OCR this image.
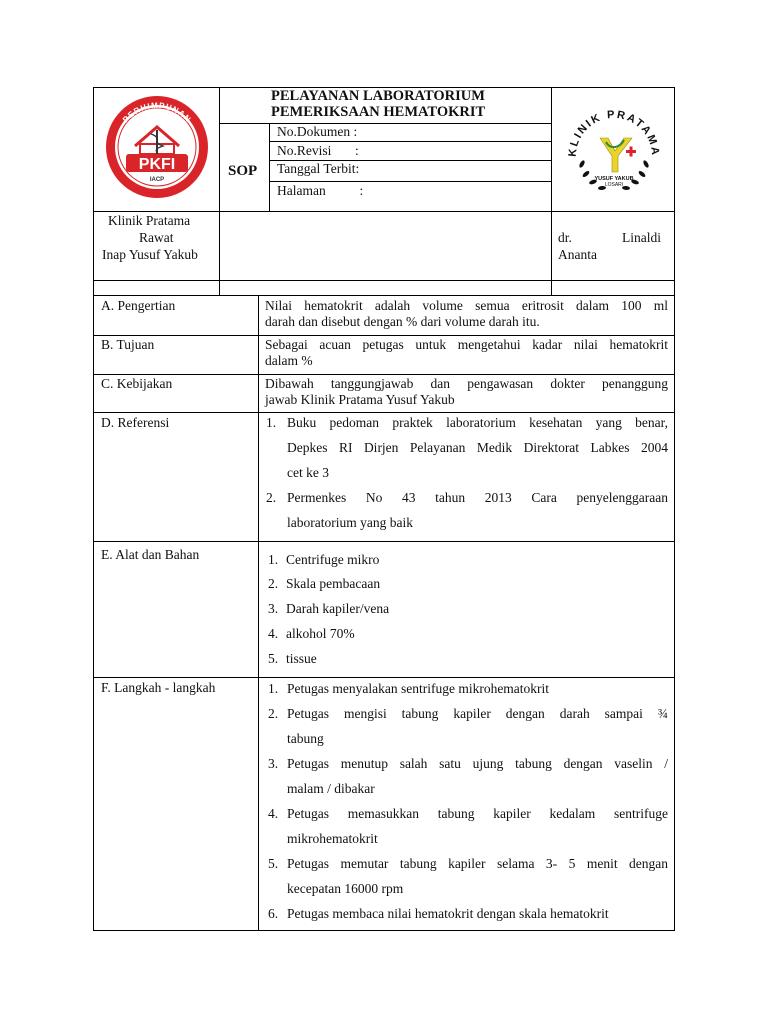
PERHIMPUNAN
PKFI
IACP
KLINIK PRATAMA
YUSUF YAKUB
LOSARI
PELAYANAN LABORATORIUM
PEMERIKSAAN HEMATOKRIT
SOP
No.Dokumen :
No.Revisi       :
Tanggal Terbit:
Halaman          :
Klinik Pratama
Rawat
Inap Yusuf Yakub
dr.	Linaldi
Ananta
A. Pengertian
B. Tujuan
C. Kebijakan
D. Referensi
E. Alat dan Bahan
F. Langkah - langkah
Nilai hematokrit adalah volume semua eritrosit dalam 100 ml
darah dan disebut dengan % dari volume darah itu.
Sebagai acuan petugas untuk mengetahui kadar nilai hematokrit
dalam %
Dibawah tanggungjawab dan pengawasan dokter penanggung
jawab Klinik Pratama Yusuf Yakub
1. Buku pedoman praktek laboratorium kesehatan yang benar,
Depkes RI Dirjen Pelayanan Medik Direktorat Labkes 2004
cet ke 3
2. Permenkes No 43 tahun 2013 Cara penyelenggaraan
laboratorium yang baik
1. Centrifuge mikro
2. Skala pembacaan
3. Darah kapiler/vena
4. alkohol 70%
5. tissue
1. Petugas menyalakan sentrifuge mikrohematokrit
2. Petugas mengisi tabung kapiler dengan darah sampai ¾
tabung
3. Petugas menutup salah satu ujung tabung dengan vaselin /
malam / dibakar
4. Petugas memasukkan tabung kapiler kedalam sentrifuge
mikrohematokrit
5. Petugas memutar tabung kapiler selama 3- 5 menit dengan
kecepatan 16000 rpm
6. Petugas membaca nilai hematokrit dengan skala hematokrit
